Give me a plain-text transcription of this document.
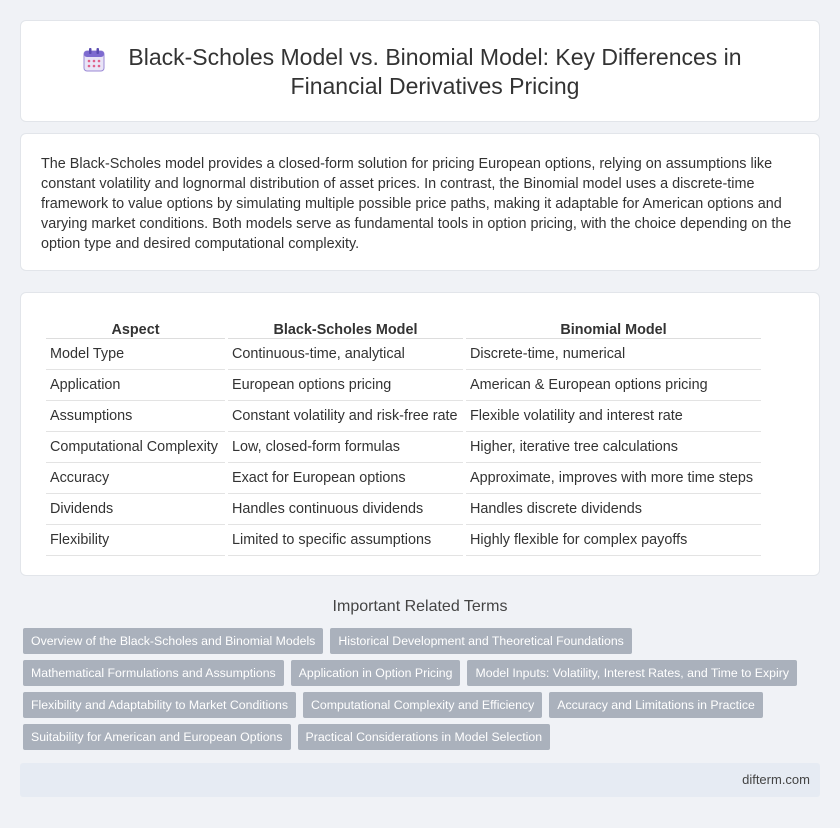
Black-Scholes Model vs. Binomial Model: Key Differences in Financial Derivatives Pricing

The Black-Scholes model provides a closed-form solution for pricing European options, relying on assumptions like constant volatility and lognormal distribution of asset prices. In contrast, the Binomial model uses a discrete-time framework to value options by simulating multiple possible price paths, making it adaptable for American options and varying market conditions. Both models serve as fundamental tools in option pricing, with the choice depending on the option type and desired computational complexity.

Aspect	Black-Scholes Model	Binomial Model
Model Type	Continuous-time, analytical	Discrete-time, numerical
Application	European options pricing	American & European options pricing
Assumptions	Constant volatility and risk-free rate	Flexible volatility and interest rate
Computational Complexity	Low, closed-form formulas	Higher, iterative tree calculations
Accuracy	Exact for European options	Approximate, improves with more time steps
Dividends	Handles continuous dividends	Handles discrete dividends
Flexibility	Limited to specific assumptions	Highly flexible for complex payoffs
Important Related Terms
Overview of the Black-Scholes and Binomial Models	Historical Development and Theoretical Foundations
Mathematical Formulations and Assumptions	Application in Option Pricing	Model Inputs: Volatility, Interest Rates, and Time to Expiry
Flexibility and Adaptability to Market Conditions	Computational Complexity and Efficiency	Accuracy and Limitations in Practice
Suitability for American and European Options	Practical Considerations in Model Selection
difterm.com
